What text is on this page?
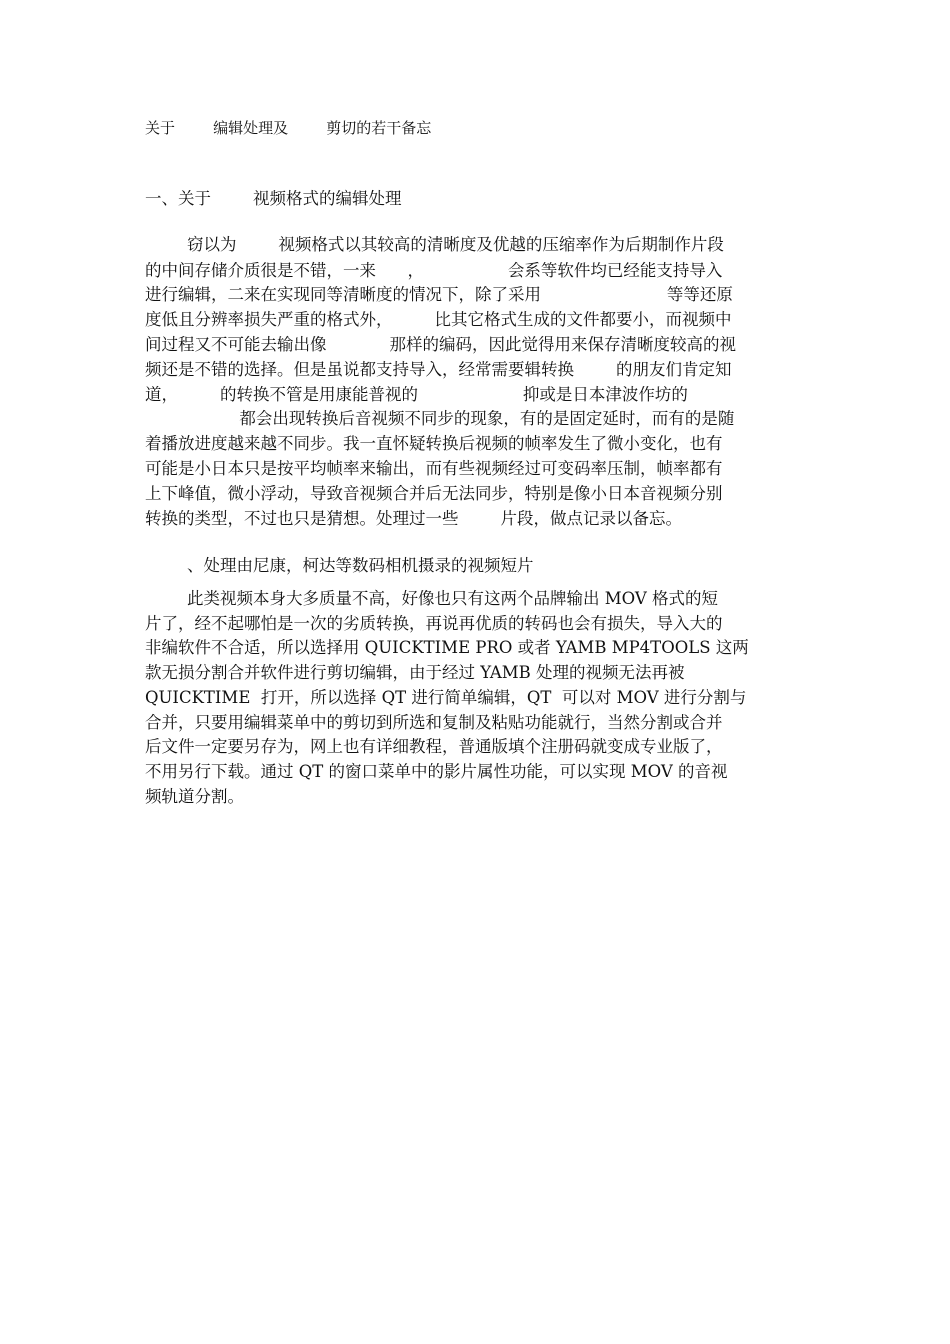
关于        编辑处理及        剪切的若干备忘

一、关于        视频格式的编辑处理

窃以为        视频格式以其较高的清晰度及优越的压缩率作为后期制作片段

的中间存储介质很是不错，一来      ，                会系等软件均已经能支持导入

进行编辑，二来在实现同等清晰度的情况下，除了采用                        等等还原

度低且分辨率损失严重的格式外，        比其它格式生成的文件都要小，而视频中

间过程又不可能去输出像            那样的编码，因此觉得用来保存清晰度较高的视

频还是不错的选择。但是虽说都支持导入，经常需要辑转换        的朋友们肯定知

道，        的转换不管是用康能普视的                    抑或是日本津波作坊的

都会出现转换后音视频不同步的现象，有的是固定延时，而有的是随

着播放进度越来越不同步。我一直怀疑转换后视频的帧率发生了微小变化，也有

可能是小日本只是按平均帧率来输出，而有些视频经过可变码率压制，帧率都有

上下峰值，微小浮动，导致音视频合并后无法同步，特别是像小日本音视频分别

转换的类型，不过也只是猜想。处理过一些        片段，做点记录以备忘。

、处理由尼康，柯达等数码相机摄录的视频短片

此类视频本身大多质量不高，好像也只有这两个品牌输出 MOV 格式的短

片了，经不起哪怕是一次的劣质转换，再说再优质的转码也会有损失，导入大的

非编软件不合适，所以选择用 QUICKTIME PRO 或者 YAMB MP4TOOLS 这两

款无损分割合并软件进行剪切编辑，由于经过 YAMB 处理的视频无法再被

QUICKTIME  打开，所以选择 QT 进行简单编辑，QT  可以对 MOV 进行分割与

合并，只要用编辑菜单中的剪切到所选和复制及粘贴功能就行，当然分割或合并

后文件一定要另存为，网上也有详细教程，普通版填个注册码就变成专业版了，

不用另行下载。通过 QT 的窗口菜单中的影片属性功能，可以实现 MOV 的音视

频轨道分割。
